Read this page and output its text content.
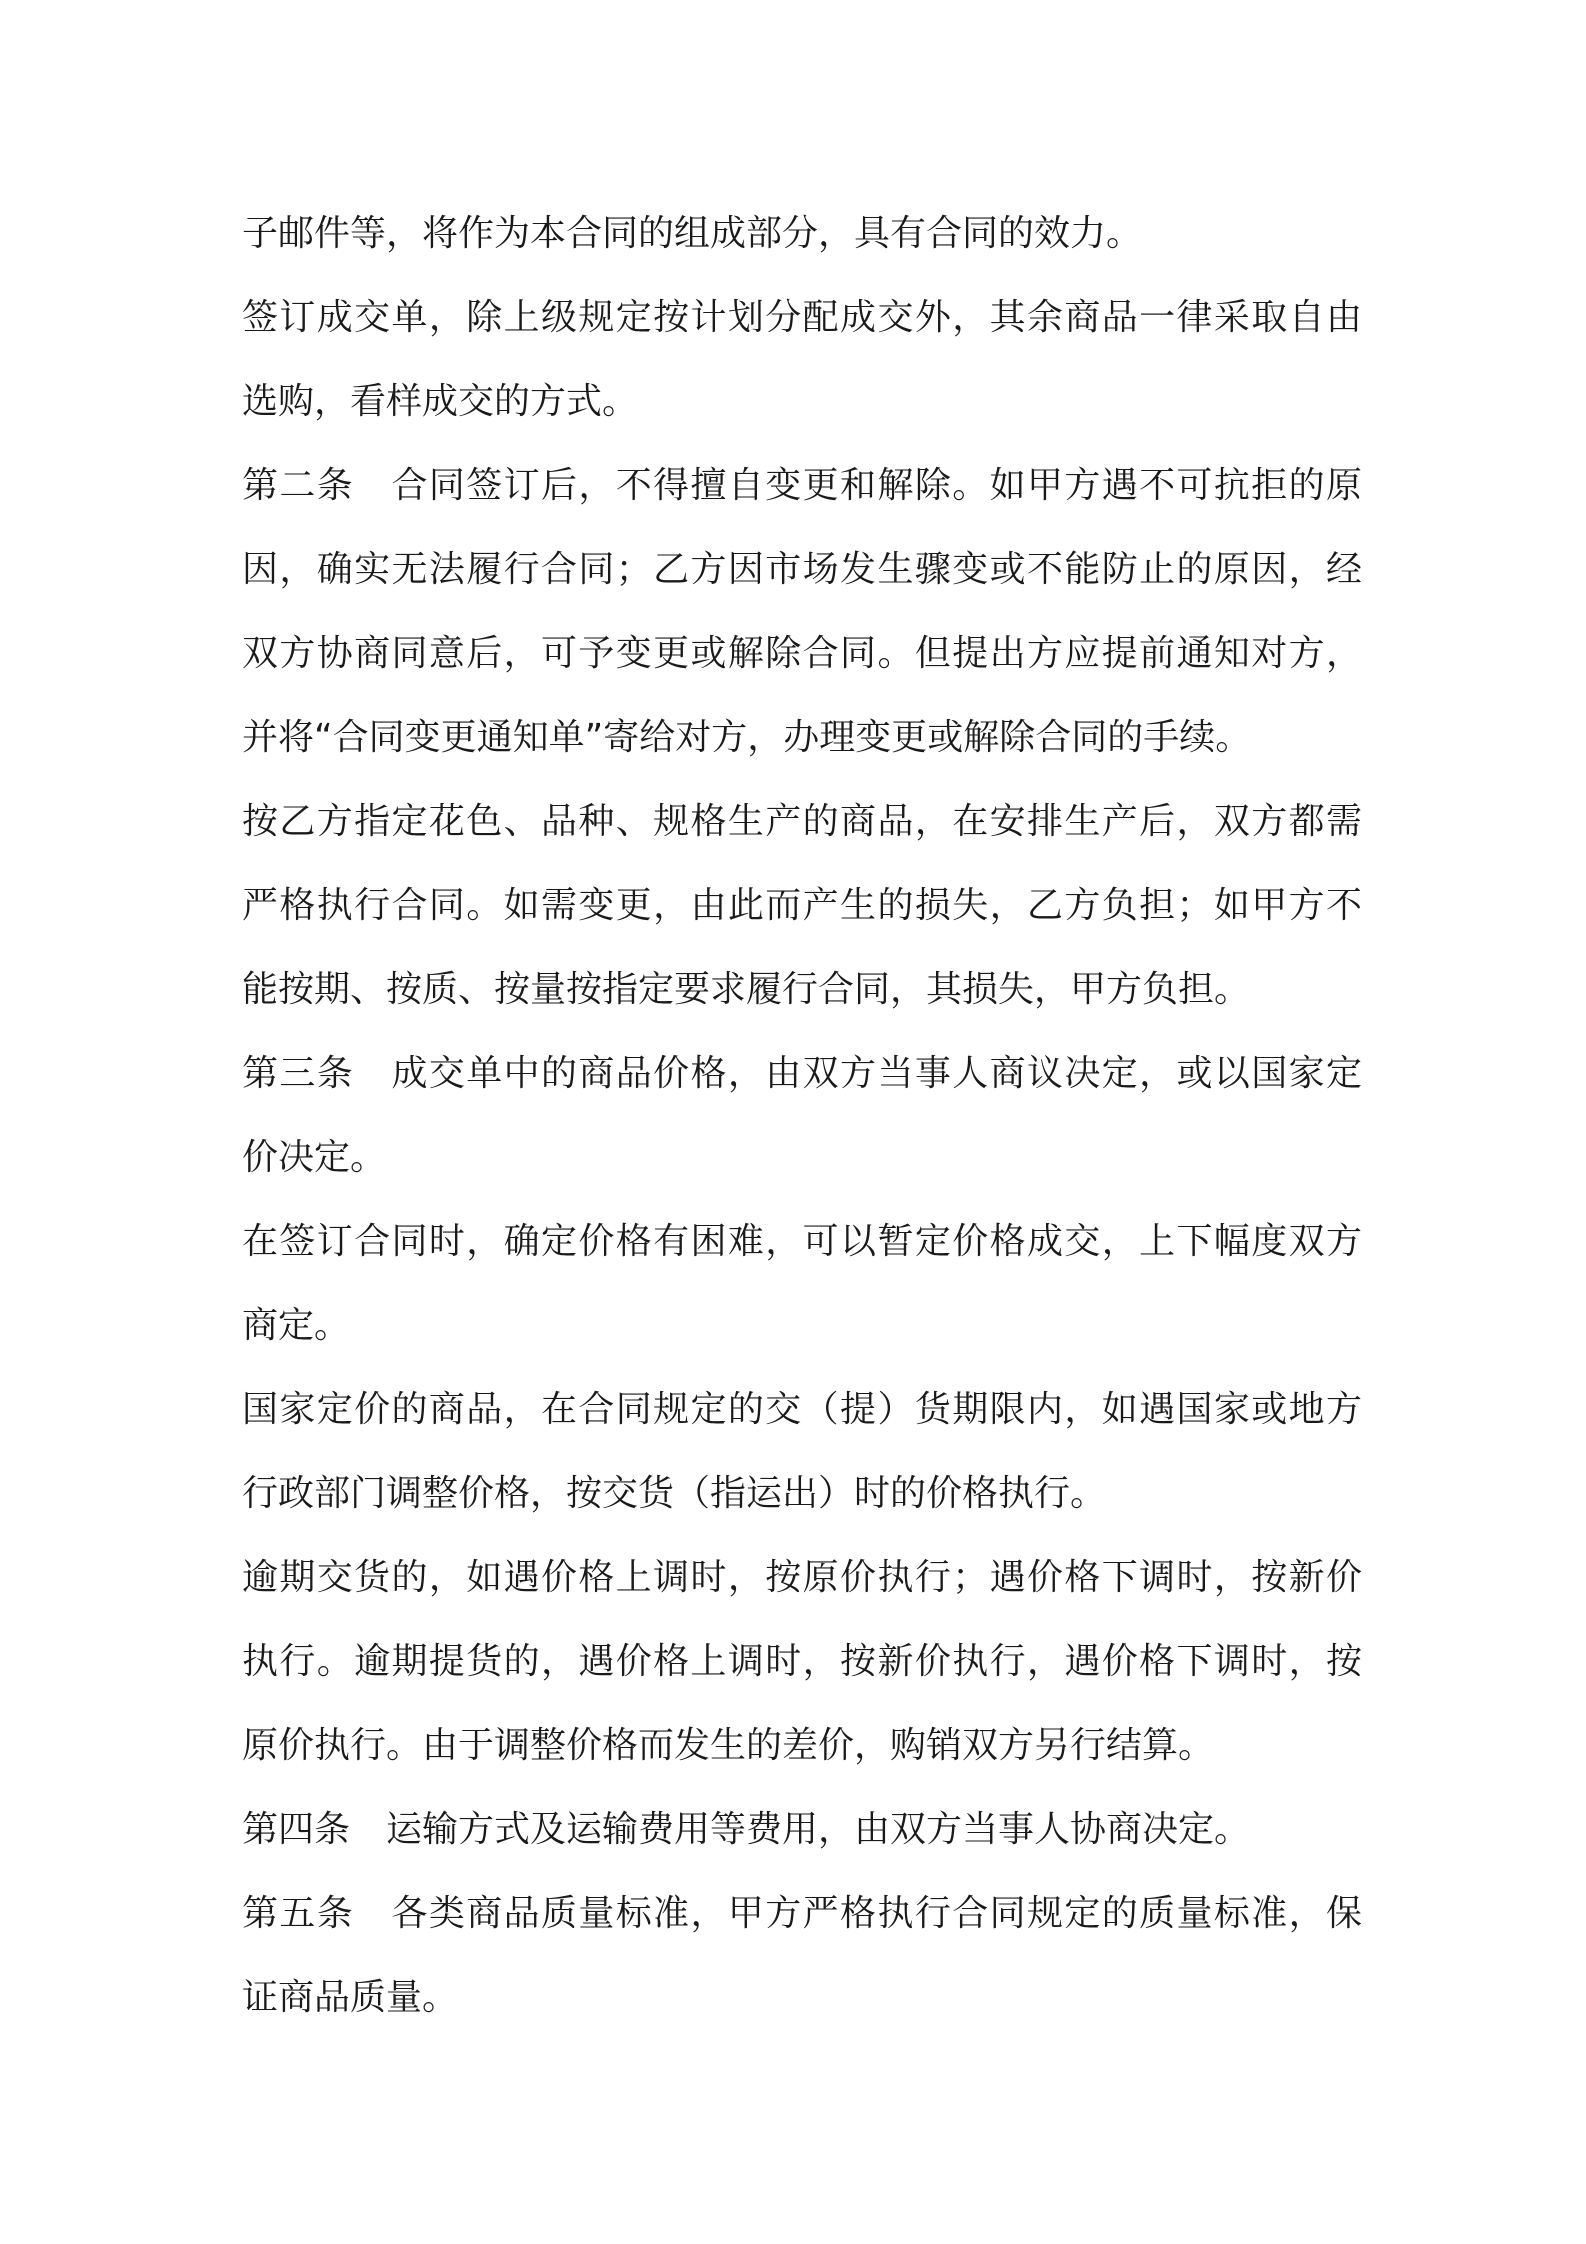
子邮件等，将作为本合同的组成部分，具有合同的效力。
签订成交单，除上级规定按计划分配成交外，其余商品一律采取自由
选购，看样成交的方式。
第二条　合同签订后，不得擅自变更和解除。如甲方遇不可抗拒的原
因，确实无法履行合同；乙方因市场发生骤变或不能防止的原因，经
双方协商同意后，可予变更或解除合同。但提出方应提前通知对方，
并将“合同变更通知单”寄给对方，办理变更或解除合同的手续。
按乙方指定花色、品种、规格生产的商品，在安排生产后，双方都需
严格执行合同。如需变更，由此而产生的损失，乙方负担；如甲方不
能按期、按质、按量按指定要求履行合同，其损失，甲方负担。
第三条　成交单中的商品价格，由双方当事人商议决定，或以国家定
价决定。
在签订合同时，确定价格有困难，可以暂定价格成交，上下幅度双方
商定。
国家定价的商品，在合同规定的交（提）货期限内，如遇国家或地方
行政部门调整价格，按交货（指运出）时的价格执行。
逾期交货的，如遇价格上调时，按原价执行；遇价格下调时，按新价
执行。逾期提货的，遇价格上调时，按新价执行，遇价格下调时，按
原价执行。由于调整价格而发生的差价，购销双方另行结算。
第四条　运输方式及运输费用等费用，由双方当事人协商决定。
第五条　各类商品质量标准，甲方严格执行合同规定的质量标准，保
证商品质量。
